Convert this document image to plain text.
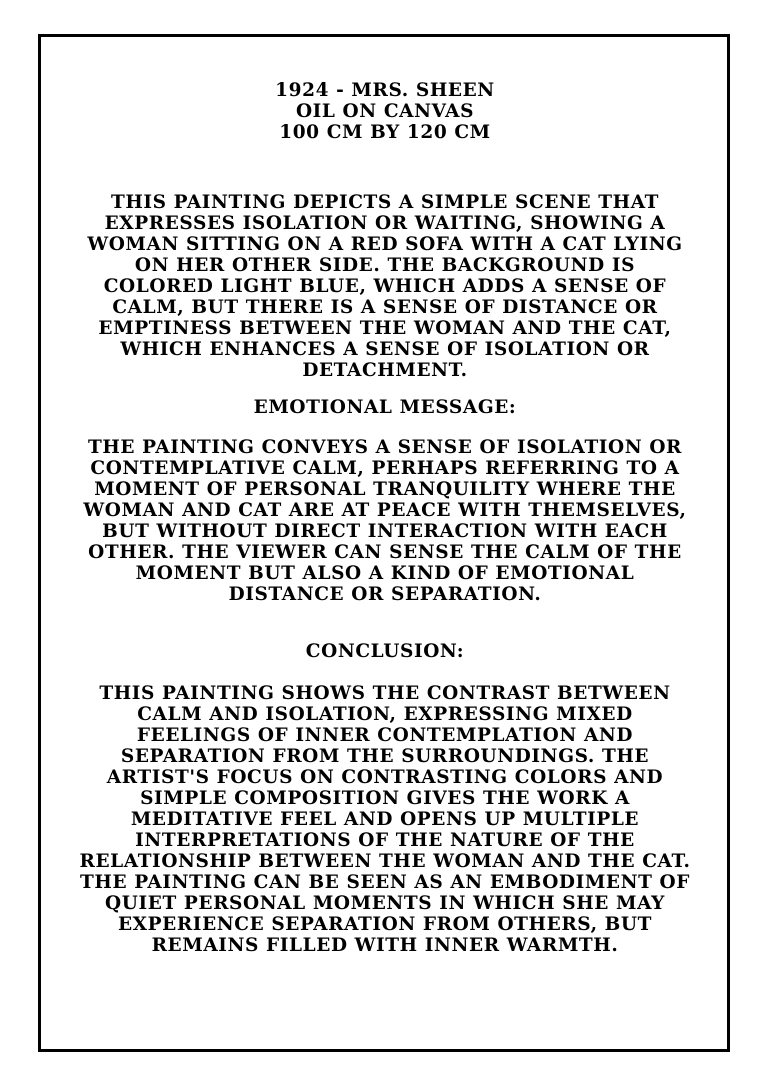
1924 - MRS. SHEEN
OIL ON CANVAS
100 CM BY 120 CM

THIS PAINTING DEPICTS A SIMPLE SCENE THAT EXPRESSES ISOLATION OR WAITING, SHOWING A WOMAN SITTING ON A RED SOFA WITH A CAT LYING ON HER OTHER SIDE. THE BACKGROUND IS COLORED LIGHT BLUE, WHICH ADDS A SENSE OF CALM, BUT THERE IS A SENSE OF DISTANCE OR EMPTINESS BETWEEN THE WOMAN AND THE CAT, WHICH ENHANCES A SENSE OF ISOLATION OR DETACHMENT.

EMOTIONAL MESSAGE:

THE PAINTING CONVEYS A SENSE OF ISOLATION OR CONTEMPLATIVE CALM, PERHAPS REFERRING TO A MOMENT OF PERSONAL TRANQUILITY WHERE THE WOMAN AND CAT ARE AT PEACE WITH THEMSELVES, BUT WITHOUT DIRECT INTERACTION WITH EACH OTHER. THE VIEWER CAN SENSE THE CALM OF THE MOMENT BUT ALSO A KIND OF EMOTIONAL DISTANCE OR SEPARATION.

CONCLUSION:

THIS PAINTING SHOWS THE CONTRAST BETWEEN CALM AND ISOLATION, EXPRESSING MIXED FEELINGS OF INNER CONTEMPLATION AND SEPARATION FROM THE SURROUNDINGS. THE ARTIST'S FOCUS ON CONTRASTING COLORS AND SIMPLE COMPOSITION GIVES THE WORK A MEDITATIVE FEEL AND OPENS UP MULTIPLE INTERPRETATIONS OF THE NATURE OF THE RELATIONSHIP BETWEEN THE WOMAN AND THE CAT. THE PAINTING CAN BE SEEN AS AN EMBODIMENT OF QUIET PERSONAL MOMENTS IN WHICH SHE MAY EXPERIENCE SEPARATION FROM OTHERS, BUT REMAINS FILLED WITH INNER WARMTH.
